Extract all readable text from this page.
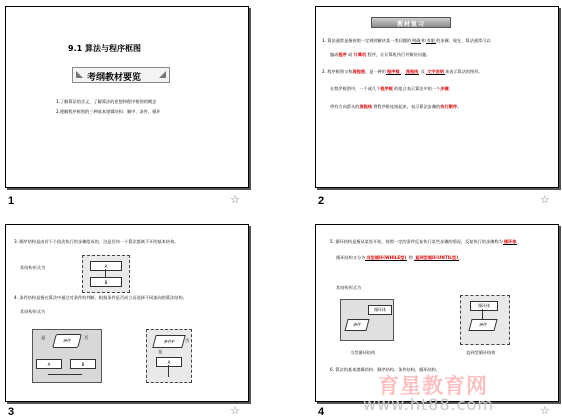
9.1 算法与程序框图
考纲教材要览
1.了解算法的含义，了解算法的思想和程序框图的概念
2.理解程序框图的三种基本逻辑结构：顺序、条件、循环
1	☆
教材复习
1. 算法通常是指按照一定规则解决某一类问题的明确和有限的步骤，现在，算法通常可以
编成程序 或 计算机 程序，让计算机执行并解决问题。
2. 程序框图又称流程图，是一种用程序框、流程线 及 文字说明来表示算法的图形。
在程序框图中，一个或几个程序框 的组合表示算法中的一个步骤；
带有方向箭头的流程线 将程序框连接起来，表示算法步骤的执行顺序。
2	☆
3. 顺序结构是由若干个依次执行的步骤组成的，这是任何一个算法都离不开的基本结构。
其结构形式为	A
B
4. 条件结构是指在算法中通过对条件的判断，根据条件是否成立而选择不同流向的算法结构。
其结构形式为
条件
是	否
A	B
条件P
是
否
A
3	☆
5. 循环结构是指从某处开始，按照一定的条件反复执行某些步骤的情况，反复执行的步骤称为循环体，
循环结构又分为当型循环(WHILE型) 和 直到型循环(UNTIL型)。
其结构形式为
循环体
条件
当型循环结构
循环体
条件
直到型循环结构
6. 算法的基本逻辑结构：顺序结构、条件结构、循环结构。
4	☆
育星教育网
www.ht88.com
